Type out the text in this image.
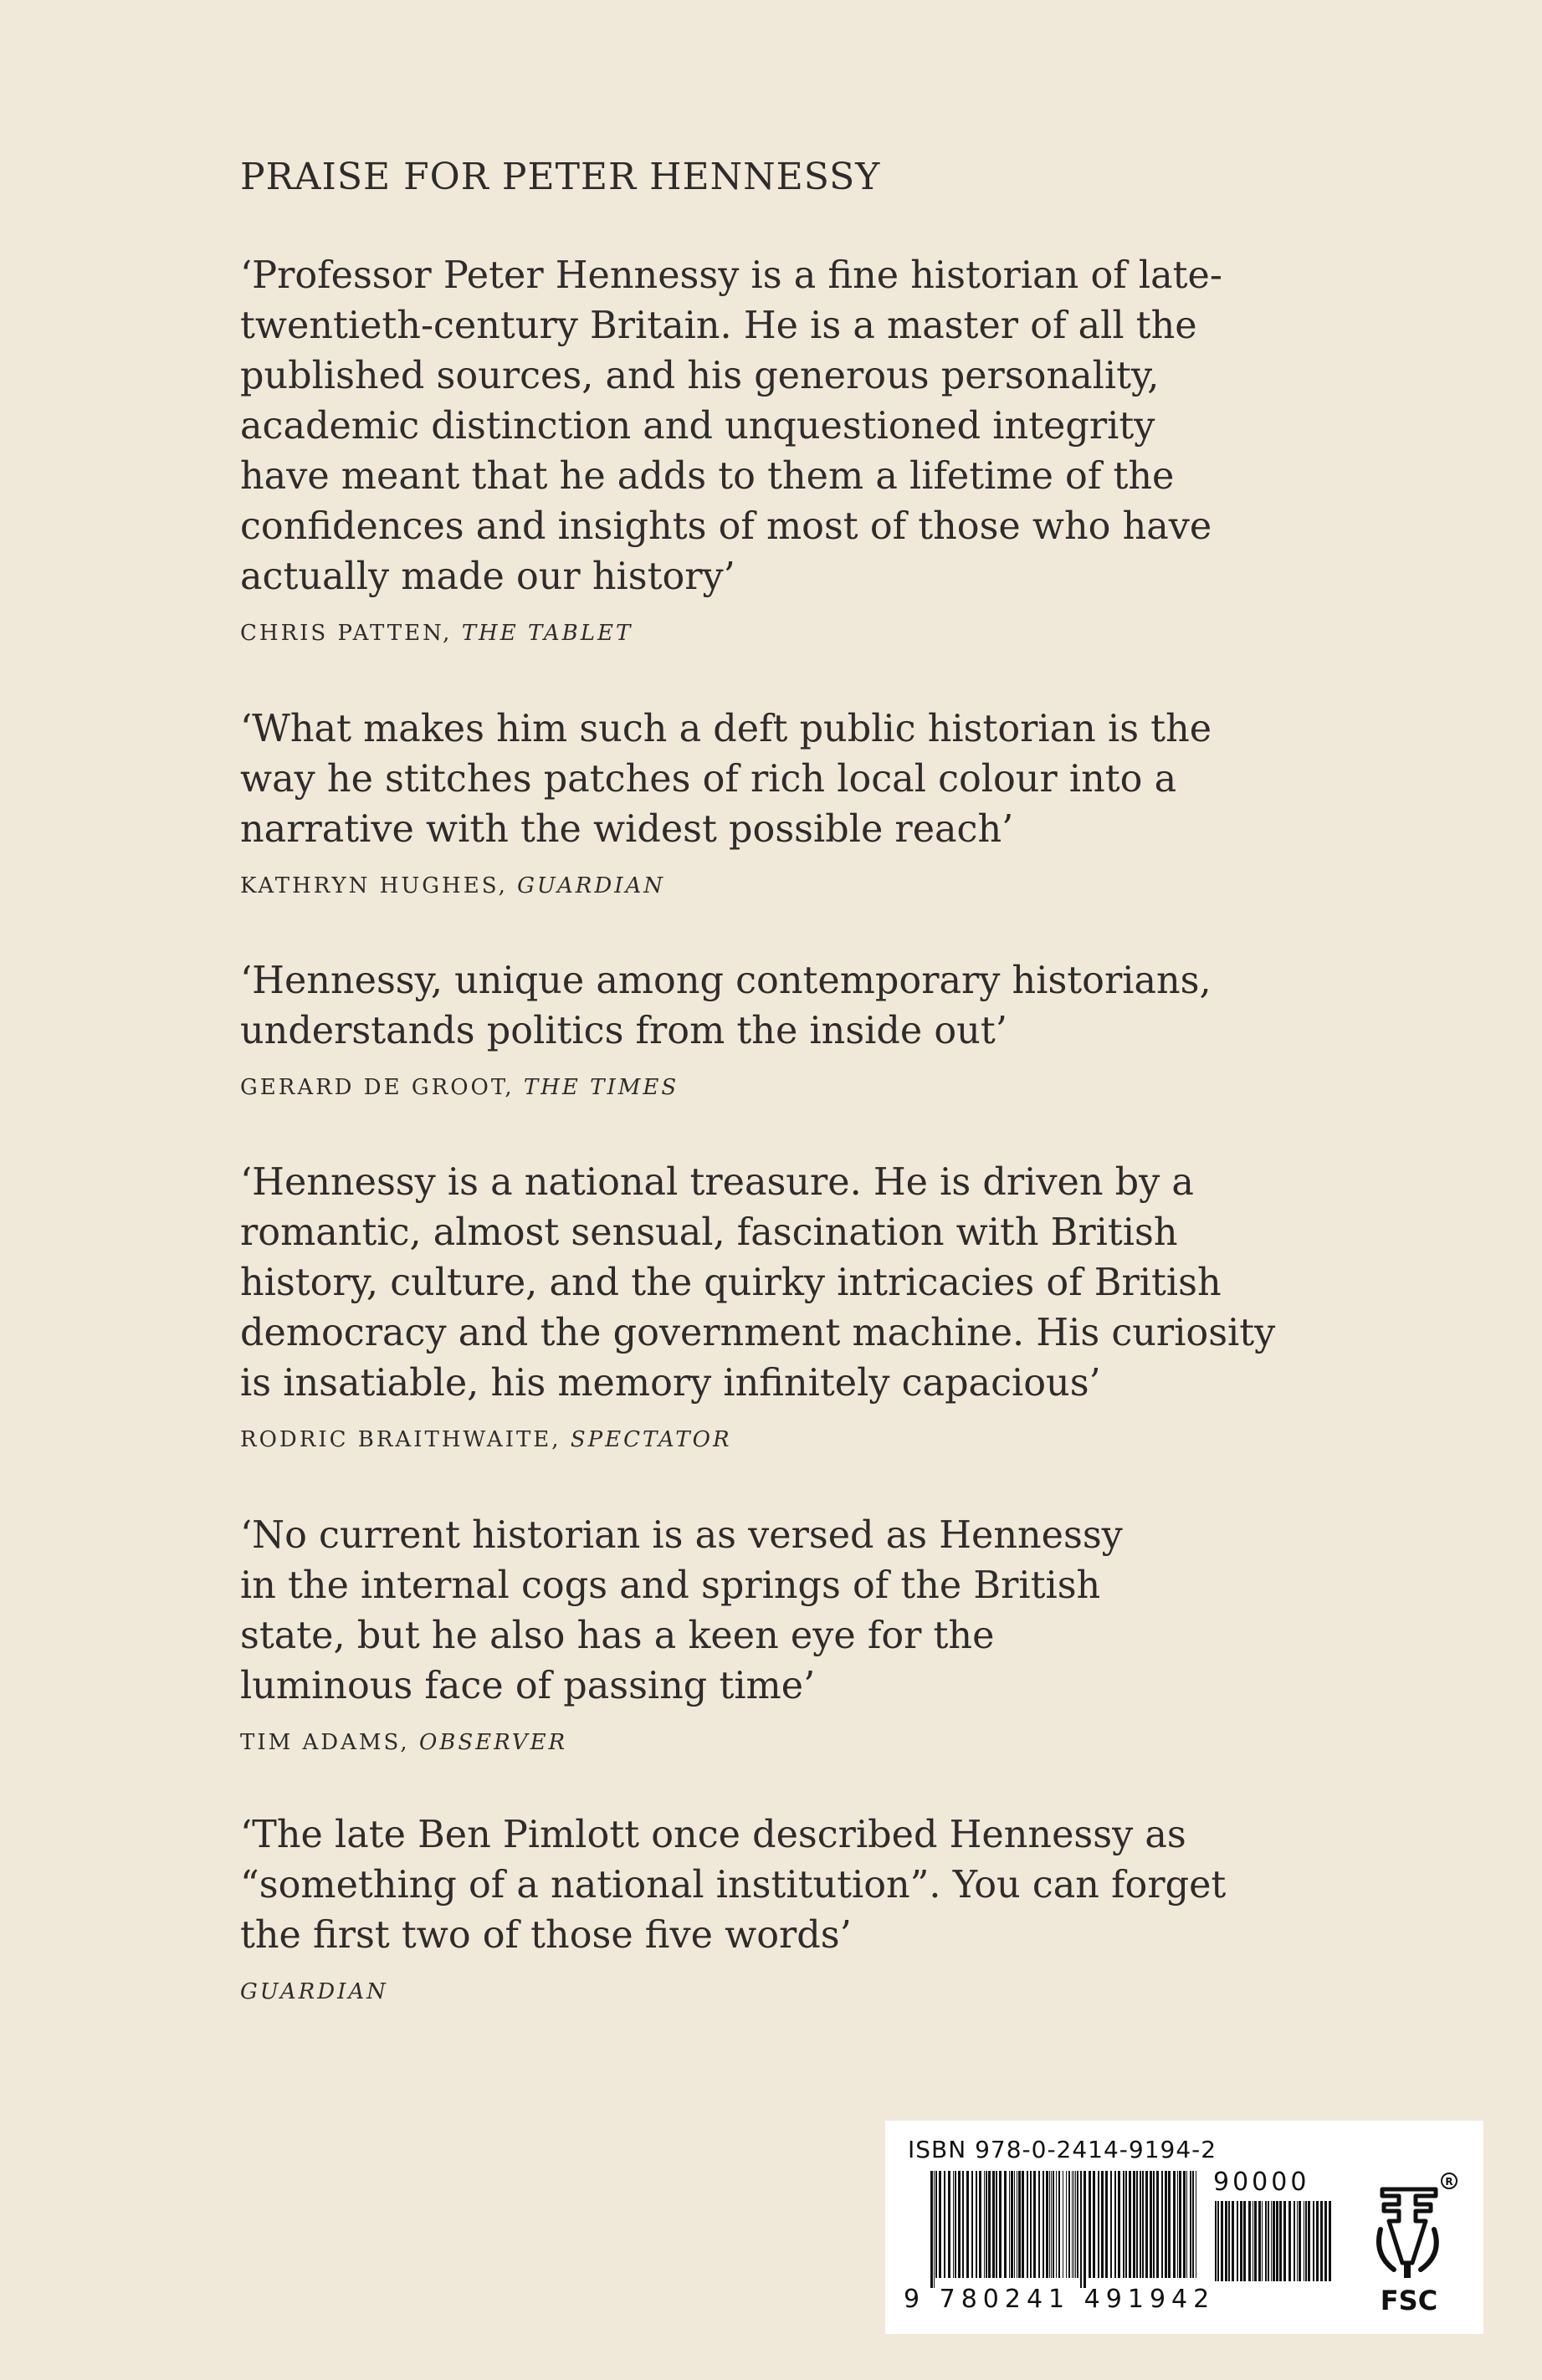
PRAISE FOR PETER HENNESSY

‘Professor Peter Hennessy is a fine historian of late-
twentieth-century Britain. He is a master of all the
published sources, and his generous personality,
academic distinction and unquestioned integrity
have meant that he adds to them a lifetime of the
confidences and insights of most of those who have
actually made our history’

CHRIS PATTEN, THE TABLET

‘What makes him such a deft public historian is the
way he stitches patches of rich local colour into a
narrative with the widest possible reach’

KATHRYN HUGHES, GUARDIAN

‘Hennessy, unique among contemporary historians,
understands politics from the inside out’

GERARD DE GROOT, THE TIMES

‘Hennessy is a national treasure. He is driven by a
romantic, almost sensual, fascination with British
history, culture, and the quirky intricacies of British
democracy and the government machine. His curiosity
is insatiable, his memory infinitely capacious’

RODRIC BRAITHWAITE, SPECTATOR

‘No current historian is as versed as Hennessy
in the internal cogs and springs of the British
state, but he also has a keen eye for the
luminous face of passing time’

TIM ADAMS, OBSERVER

‘The late Ben Pimlott once described Hennessy as
“something of a national institution”. You can forget
the first two of those five words’

GUARDIAN
ISBN 978-0-2414-9194-2
90000
9 780241 491942
R
FSC
